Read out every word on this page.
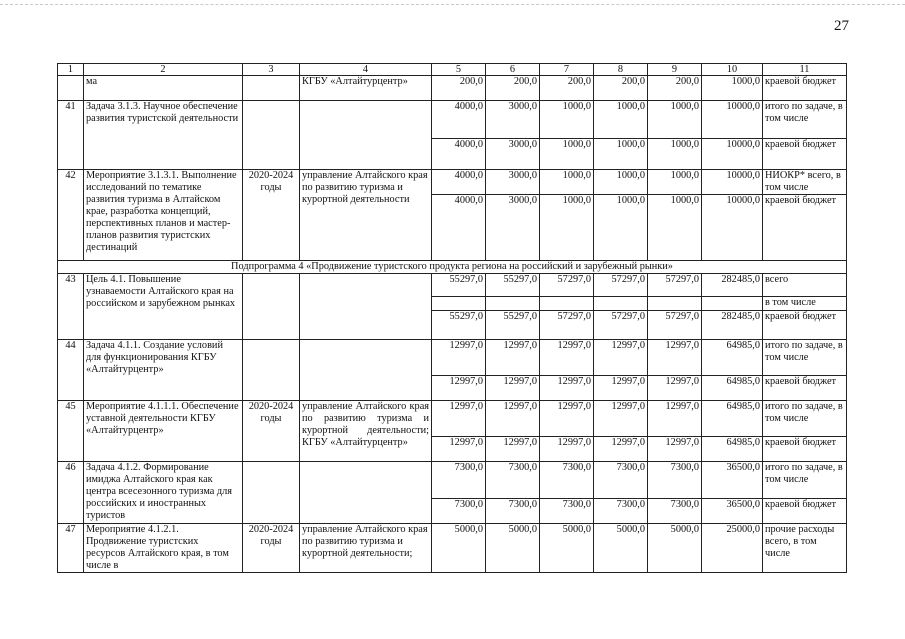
27
1	2	3	4	5	6	7	8	9	10	11
	ма		КГБУ «Алтайтурцентр»	200,0	200,0	200,0	200,0	200,0	1000,0	краевой бюджет
41	Задача 3.1.3. Научное обеспечение развития туристской деятельности			4000,0	3000,0	1000,0	1000,0	1000,0	10000,0	итого по задаче, в том числе
				4000,0	3000,0	1000,0	1000,0	1000,0	10000,0	краевой бюджет
42	Мероприятие 3.1.3.1. Выполнение исследований по тематике развития туризма в Алтайском крае, разработка концепций, перспективных планов и мастер-планов развития туристских дестинаций	2020-2024 годы	управление Алтайского края по развитию туризма и курортной деятельности	4000,0	3000,0	1000,0	1000,0	1000,0	10000,0	НИОКР* всего, в том числе
				4000,0	3000,0	1000,0	1000,0	1000,0	10000,0	краевой бюджет
Подпрограмма 4 «Продвижение туристского продукта региона на российский и зарубежный рынки»										
43	Цель 4.1. Повышение узнаваемости Алтайского края на российском и зарубежном рынках			55297,0	55297,0	57297,0	57297,0	57297,0	282485,0	всего
										в том числе
				55297,0	55297,0	57297,0	57297,0	57297,0	282485,0	краевой бюджет
44	Задача 4.1.1. Создание условий для функционирования КГБУ «Алтайтурцентр»			12997,0	12997,0	12997,0	12997,0	12997,0	64985,0	итого по задаче, в том числе
				12997,0	12997,0	12997,0	12997,0	12997,0	64985,0	краевой бюджет
45	Мероприятие 4.1.1.1. Обеспечение уставной деятельности КГБУ «Алтайтурцентр»	2020-2024 годы	управление Алтайского края по развитию туризма и курортной деятельности; КГБУ «Алтайтурцентр»	12997,0	12997,0	12997,0	12997,0	12997,0	64985,0	итого по задаче, в том числе
				12997,0	12997,0	12997,0	12997,0	12997,0	64985,0	краевой бюджет
46	Задача 4.1.2. Формирование имиджа Алтайского края как центра всесезонного туризма для российских и иностранных туристов			7300,0	7300,0	7300,0	7300,0	7300,0	36500,0	итого по задаче, в том числе
				7300,0	7300,0	7300,0	7300,0	7300,0	36500,0	краевой бюджет
47	Мероприятие 4.1.2.1. Продвижение туристских ресурсов Алтайского края, в том числе в	2020-2024 годы	управление Алтайского края по развитию туризма и курортной деятельности;	5000,0	5000,0	5000,0	5000,0	5000,0	25000,0	прочие расходы всего, в том числе
